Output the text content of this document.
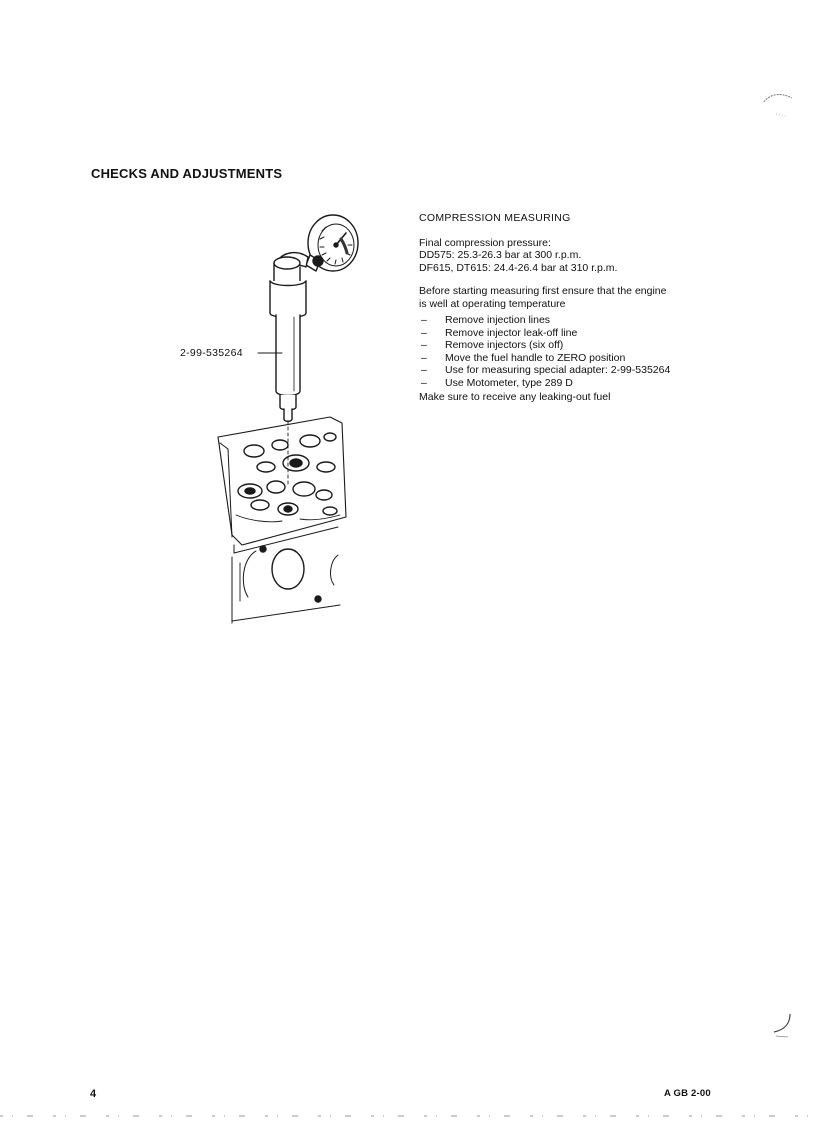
CHECKS AND ADJUSTMENTS
2-99-535264
COMPRESSION MEASURING

Final compression pressure:

DD575: 25.3-26.3 bar at 300 r.p.m.

DF615, DT615: 24.4-26.4 bar at 310 r.p.m.

Before starting measuring first ensure that the engine

is well at operating temperature

– Remove injection lines
– Remove injector leak-off line
– Remove injectors (six off)
– Move the fuel handle to ZERO position
– Use for measuring special adapter: 2-99-535264
– Use Motometer, type 289 D

Make sure to receive any leaking-out fuel

4	A GB 2-00
